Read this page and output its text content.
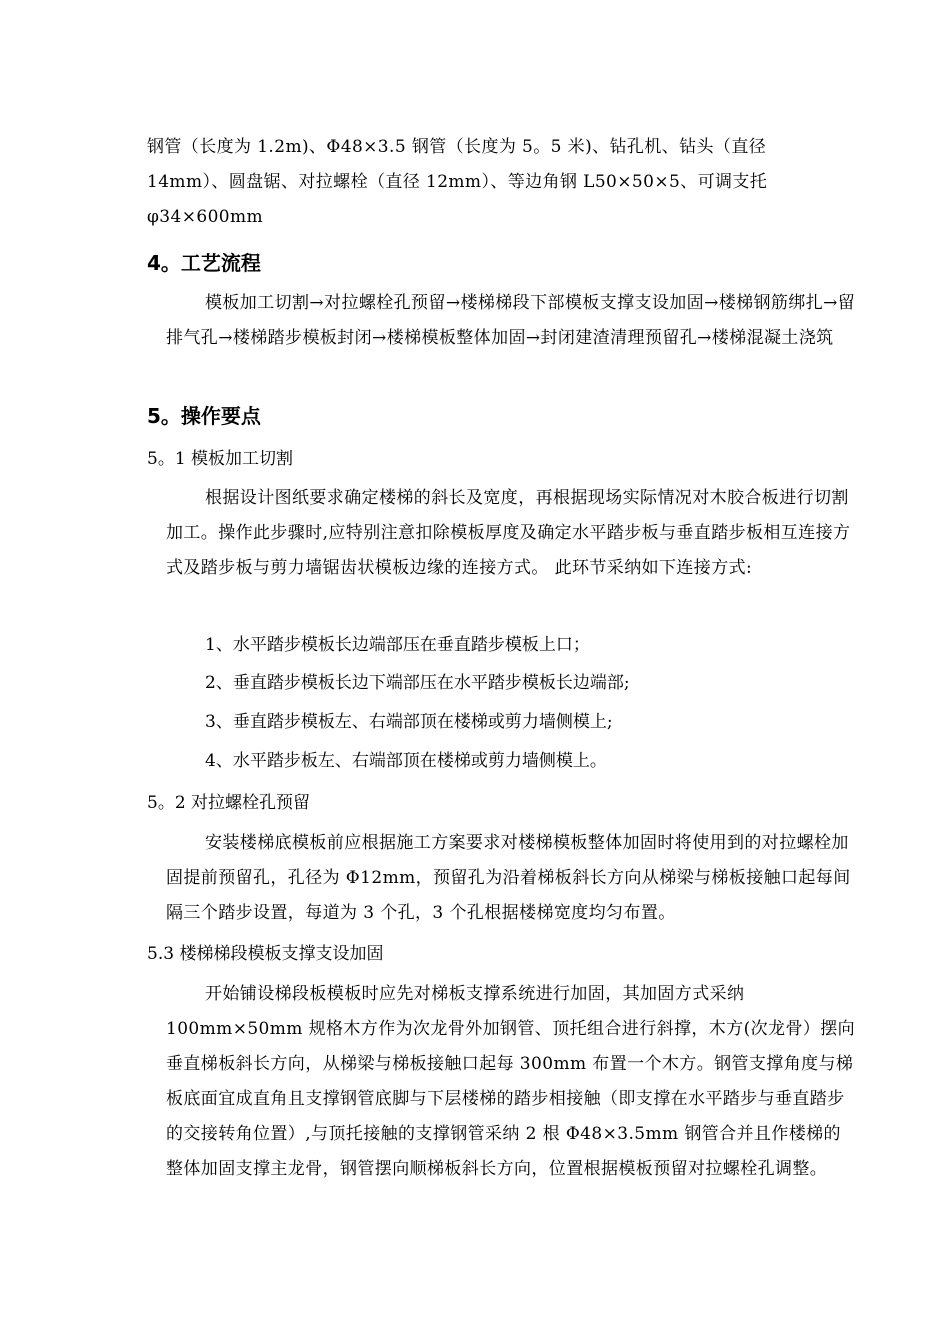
钢管（长度为 1.2m)、Φ48×3.5 钢管（长度为 5。5 米)、钻孔机、钻头（直径 14mm）、圆盘锯、对拉螺栓（直径 12mm）、等边角钢 L50×50×5、可调支托 φ34×600mm

4。工艺流程

模板加工切割→对拉螺栓孔预留→楼梯梯段下部模板支撑支设加固→楼梯钢筋绑扎→留排气孔→楼梯踏步模板封闭→楼梯模板整体加固→封闭建渣清理预留孔→楼梯混凝土浇筑

5。操作要点
5。1 模板加工切割

根据设计图纸要求确定楼梯的斜长及宽度，再根据现场实际情况对木胶合板进行切割加工。操作此步骤时,应特别注意扣除模板厚度及确定水平踏步板与垂直踏步板相互连接方式及踏步板与剪力墙锯齿状模板边缘的连接方式。 此环节采纳如下连接方式:

1、水平踏步模板长边端部压在垂直踏步模板上口；
2、垂直踏步模板长边下端部压在水平踏步模板长边端部;
3、垂直踏步模板左、右端部顶在楼梯或剪力墙侧模上;
4、水平踏步板左、右端部顶在楼梯或剪力墙侧模上。
5。2 对拉螺栓孔预留

安装楼梯底模板前应根据施工方案要求对楼梯模板整体加固时将使用到的对拉螺栓加固提前预留孔，孔径为 Φ12mm，预留孔为沿着梯板斜长方向从梯梁与梯板接触口起每间隔三个踏步设置，每道为 3 个孔，3 个孔根据楼梯宽度均匀布置。

5.3 楼梯梯段模板支撑支设加固

开始铺设梯段板模板时应先对梯板支撑系统进行加固，其加固方式采纳 100mm×50mm 规格木方作为次龙骨外加钢管、顶托组合进行斜撑，木方(次龙骨）摆向垂直梯板斜长方向，从梯梁与梯板接触口起每 300mm 布置一个木方。钢管支撑角度与梯板底面宜成直角且支撑钢管底脚与下层楼梯的踏步相接触（即支撑在水平踏步与垂直踏步的交接转角位置）,与顶托接触的支撑钢管采纳 2 根 Φ48×3.5mm 钢管合并且作楼梯的整体加固支撑主龙骨，钢管摆向顺梯板斜长方向，位置根据模板预留对拉螺栓孔调整。
